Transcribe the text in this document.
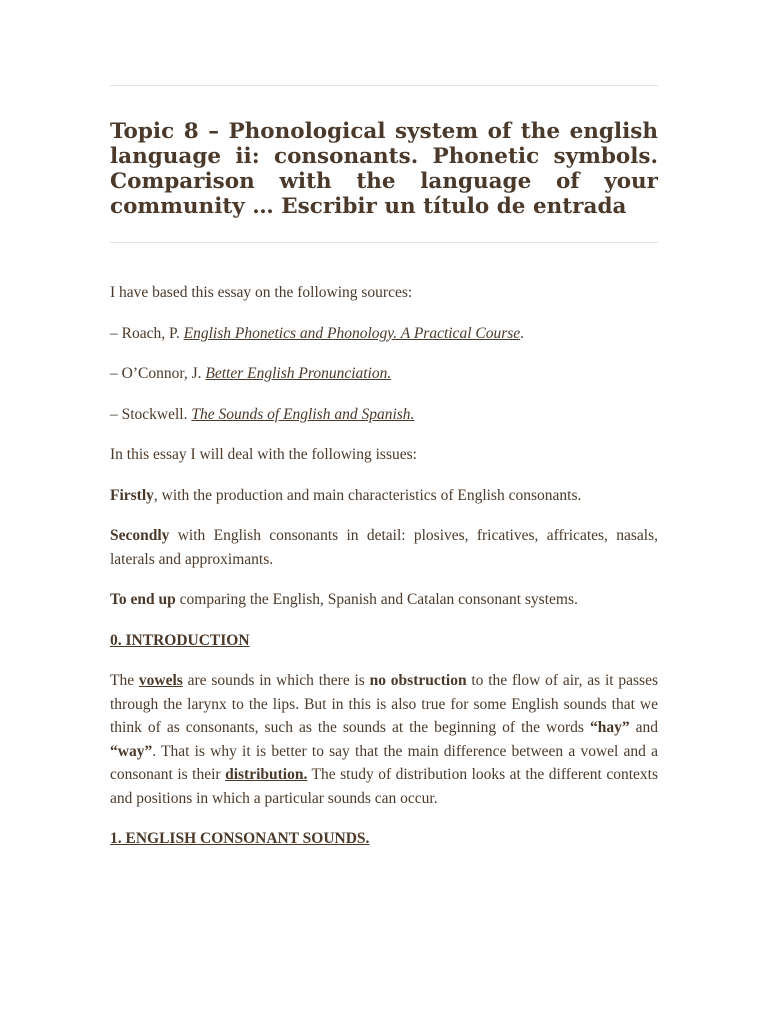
Topic 8 – Phonological system of the english language ii: consonants. Phonetic symbols. Comparison with the language of your community … Escribir un título de entrada

I have based this essay on the following sources:

– Roach, P. English Phonetics and Phonology. A Practical Course.

– O’Connor, J. Better English Pronunciation.

– Stockwell. The Sounds of English and Spanish.

In this essay I will deal with the following issues:

Firstly, with the production and main characteristics of English consonants.

Secondly with English consonants in detail: plosives, fricatives, affricates, nasals, laterals and approximants.

To end up comparing the English, Spanish and Catalan consonant systems.

0. INTRODUCTION

The vowels are sounds in which there is no obstruction to the flow of air, as it passes through the larynx to the lips. But in this is also true for some English sounds that we think of as consonants, such as the sounds at the beginning of the words “hay” and “way”. That is why it is better to say that the main difference between a vowel and a consonant is their distribution. The study of distribution looks at the different contexts and positions in which a particular sounds can occur.

1. ENGLISH CONSONANT SOUNDS.
